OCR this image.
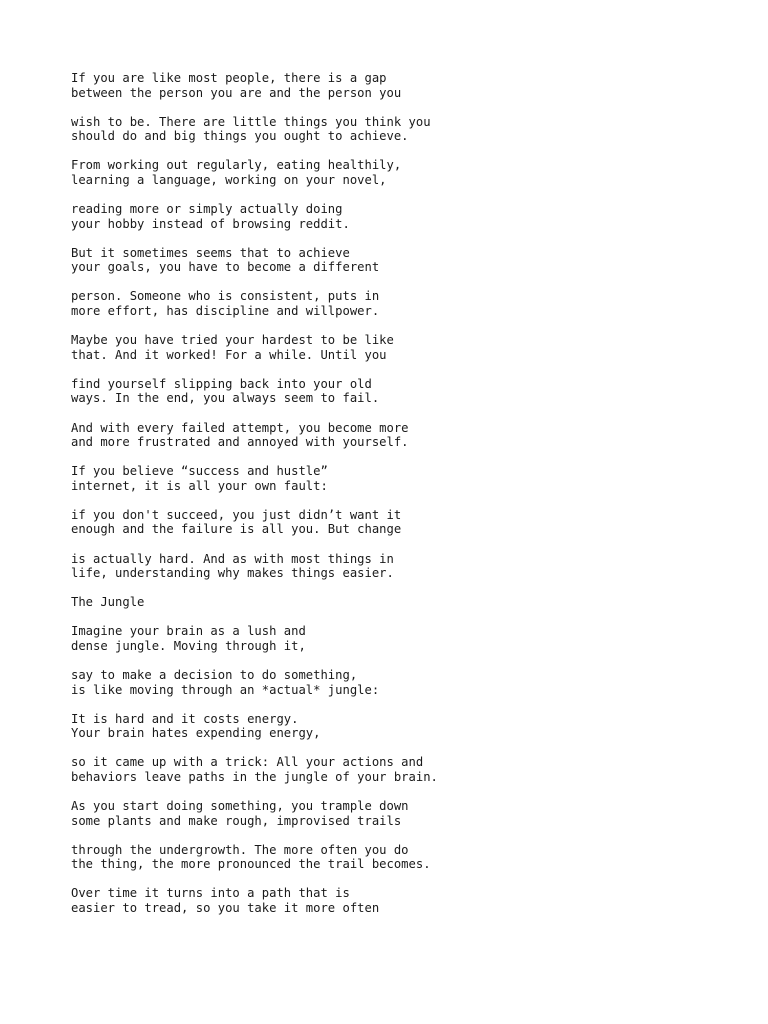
If you are like most people, there is a gap
between the person you are and the person you
wish to be. There are little things you think you
should do and big things you ought to achieve.
From working out regularly, eating healthily,
learning a language, working on your novel,
reading more or simply actually doing
your hobby instead of browsing reddit.
But it sometimes seems that to achieve
your goals, you have to become a different
person. Someone who is consistent, puts in
more effort, has discipline and willpower.
Maybe you have tried your hardest to be like
that. And it worked! For a while. Until you
find yourself slipping back into your old
ways. In the end, you always seem to fail.
And with every failed attempt, you become more
and more frustrated and annoyed with yourself.
If you believe “success and hustle”
internet, it is all your own fault:
if you don't succeed, you just didn’t want it
enough and the failure is all you. But change
is actually hard. And as with most things in
life, understanding why makes things easier.
The Jungle
Imagine your brain as a lush and
dense jungle. Moving through it,
say to make a decision to do something,
is like moving through an *actual* jungle:
It is hard and it costs energy.
Your brain hates expending energy,
so it came up with a trick: All your actions and
behaviors leave paths in the jungle of your brain.
As you start doing something, you trample down
some plants and make rough, improvised trails
through the undergrowth. The more often you do
the thing, the more pronounced the trail becomes.
Over time it turns into a path that is
easier to tread, so you take it more often
